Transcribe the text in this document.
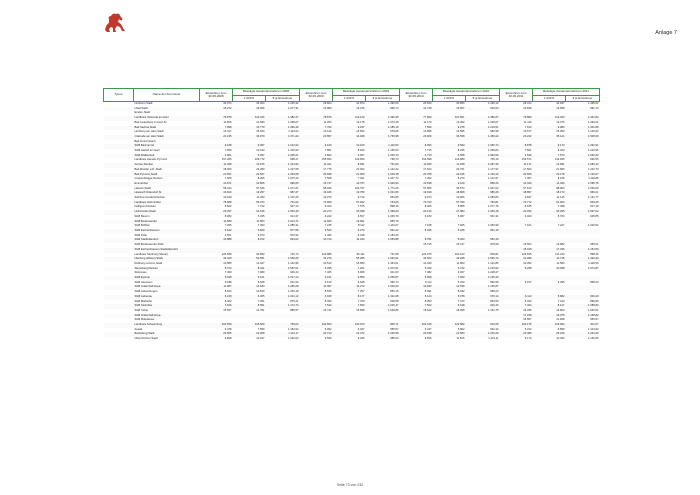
Anlage 7
Typus	Name der Kommune	Einwohner zum 30.06.2008	Beteiligte Gesamteinnahmen 2008		Einwohner zum 30.06.2009	Beteiligte Gesamteinnahmen 2009		Einwohner zum 30.06.2010	Beteiligte Gesamteinnahmen 2010		Einwohner zum 30.06.2011	Beteiligte Gesamteinnahmen 2011	
			1.000 €	€ je Einwohner		1.000 €	€ je Einwohner		1.000 €	€ je Einwohner		1.000 €	€ je Einwohner
	Northeim,Stadt	30.974	36.300	1.205,32	29.824	41.870	1.390,60	29.529	30.850	1.048,13	29.314	42.937	1.495,62
	Uslar,Stadt	15.272	16.406	1.077,31	14.983	14.476	966,74	14.749	13.567	916,64	14.636	14.508	991,73
	Emden,Stadt												
	Landkreis Osterode am Harz	79.879	110.426	1.382,47	78.879	110.143	1.396,35	77.803	107.961	1.386,67	76.889	112.463	1.461,84
	Bad Lauterberg im Harz,St.	11.506	14.590	1.268,07	11.353	13.178	1.072,48	11.173	13.362	1.196,07	11.116	14.375	1.293,21
	Bad Sachsa,Stadt	7.998	10.773	1.396,46	7.794	9.237	1.185,19	7.590	9.278	1.219,51	7.613	9.980	1.301,89
	Herzberg am Harz,Stadt	14.317	15.944	1.113,64	14.122	13.652	978,86	13.865	13.595	980,98	13.677	15.393	1.125,63
	Osterode am Harz,Stadt	24.135	33.079	1.371,43	23.857	42.028	1.763,98	23.609	36.538	1.450,22	23.242	35.121	1.508,09
	Bad Grund (Harz)												
	SGB Bad Grund	9.168	9.397	1.012,94	9.100	10.160	1.116,53	8.993	9.593	1.066,74	8.878	9.173	1.032,91
	SGB Hattorf am Harz	7.959	10.193	1.316,90	7.851	8.923	1.136,53	7.715	8.236	1.059,84	7.661	9.323	1.219,96
	SGB Walkenried	4.901	6.397	1.305,21	4.822	6.007	1.245,73	4.713	4.568	1.994,56	4.646	7.574	1.630,23
	Landkreis Hameln-Pyrmont	157.205	109.772	698,27	155.654	119.656	768,73	154.598	116.889	756,10	153.571	143.945	936,55
	Aerzen,Flecken	11.498	13.166	1.144,93	11.421	8.691	761,00	11.280	11.928	1.057,45	11.171	12.991	1.083,13
	Bad Münder a.D.,Stadt	18.000	22.289	1.237,68	17.775	20.302	1.142,22	17.624	20.761	1.177,97	17.503	21.580	1.242,70
	Bad Pyrmont,Stadt	21.651	22.507	1.039,58	20.928	21.050	1.009,18	20.768	24.246	1.169,16	20.665	23.178	1.120,67
	Coppenbrügge,Flecken	7.608	8.206	1.075,43	7.508	7.461	1.047,74	7.452	8.270	1.101,57	7.367	8.168	1.110,88
	Emmerthal	10.871	10.825	996,65	10.747	10.757	1.000,93	10.638	9.129	858,26	10.440	11.466	1.095,76
	Hameln,Stadt	58.444	97.646	1.671,61	58.036	102.797	1.771,26	57.866	36.574	1.627,02	57.610	88.904	1.536,09
	Hessisch Oldendorf,St.	19.923	19.297	987,27	19.180	19.783	1.021,66	19.019	18.808	986,26	18.897	18.173	966,21
	Salzhemmendorf,Flecken	10.199	11.283	1.107,26	10.070	9.716	964,86	9.974	10.906	1.083,84	9.847	11.145	1.131,77
	Landkreis Holzminden	75.688	55.374	731,62	74.606	57.922	764,05	73.723	57.780	783,81	72.772	61.904	849,26
	Delligsen,Flecken	8.522	7.742	907,14	8.424	7.575	898,16	8.309	8.955	1.077,78	8.185	7.498	917,18
	Holzminden,Stadt	20.457	31.616	1.545,49	20.274	30.398	1.499,29	20.134	27.084	1.345,18	20.032	30.295	1.537,62
	SGB Bevern	8.382	5.435	914,37	6.222	6.507	1.045,79	6.183	5.967	961,31	6.023	5.763	945,85
	SGB Bodenwerder	11.680	11.854	1.014,71	11.500	10.991	955,70						
	SGB Boffzen	7.365	7.093	1.085,31	7.245	8.112	1.119,67	7.168	7.605	1.060,99	7.101	7.247	1.020,52
	SGB Eschershausen	6.642	5.829	877,58	6.526	6.273	961,22	6.435	6.185	961,19			
	SGB Polle	4.551	3.973	872,92	4.490	5.318	1.184,25						
	SGB Stadtoldendorf	10.888	8.972	824,02	10.744	11.344	1.055,88	8.781	8.363	952,40			
	SGB Bodenwerder-Polle							15.725	15.417	979,99	15.564	14.982	965,01
	SGB Eschershausen-Stadtoldendorf										15.018	17.336	1.154,59
	Landkreis Nienburg (Weser)	125.688	93.893	746,73	124.885	95.111	761,58	124.075	102.103	818,81	123.815	111.244	898,46
	Nienburg (Weser),Stadt	32.029	50.551	1.548,25	32.276	55.265	1.091,91	32.564	49.298	1.535,74	31.996	41.745	1.492,33
	Rehburg-Loccum,Stadt	10.585	12.027	1.142,96	10.513	15.580	1.464,01	10.430	11.803	1.131,85	10.352	11.580	1.118,56
	Steyerberg,Flecken	5.374	8.421	1.567,01	5.335	7.261	1.372,51	5.320	6.472	1.216,52	5.258	10.368	1.974,87
	Stolzenau	7.460	7.083	949,44	7.405	6.968	941,03	7.382	9.067	1.228,27			
	SGB Eystrup	6.048	6.151	1.017,24	6.101	6.859	1.056,87	6.068	7.069	1.125,40			
	SGB Heemsen	9.188	5.528	601,94	6.133	5.928	966,74	6.114	5.433	892,68	6.157	6.395	868,23
	SGB Grafschaft Hoya	11.087	14.184	1.280,28	11.097	11.272	1.020,03	10.933	12.539	1.146,87			
	SGB Liebenburgen	8.620	10.810	1.263,18	8.536	7.257	850,15	8.491	8.042	958,23			
	SGB Liebenau	6.218	6.325	1.021,12	6.180	8.177	1.321,68	6.124	5.978	976,14	6.113	5.682	929,49
	SGB Marklohe	8.462	7.361	870,21	8.392	7.709	918,58	8.353	7.473	894,50	8.323	7.410	896,86
	SGB Steimbke	7.626	8.951	1.174,74	7.542	7.659	1.015,47	7.522	6.918	919,43	7.464	8.127	1.088,83
	SGB Uchte	15.657	14.781	885,57	15.741	15.838	1.039,86	15.642	18.058	1.154,75	15.335	15.803	1.030,51
	SGB Grafschaft Hoya										17.238	19.975	1.158,82
	SGB Mittelweser										15.557	14.968	959,97
	Landkreis Schaumburg	163.550	125.509	765,02	162.553	130.973	805,71	161.125	121.582	810,65	160.175	129.994	811,57
	Auetal	6.378	7.559	1.184,94	6.302	6.047	958,57	6.247	5.862	932,42	6.244	6.899	1.104,92
	Bückeburg,Stadt	20.665	22.968	1.114,17	20.714	21.472	1.036,58	20.648	21.583	1.045,29	20.485	25.230	1.231,63
	Obernkirchen,Stadt	9.828	10.027	1.020,02	9.569	9.426	985,04	9.556	11.526	1.221,11	9.174	10.400	1.130,65
Seite 73 von 232
